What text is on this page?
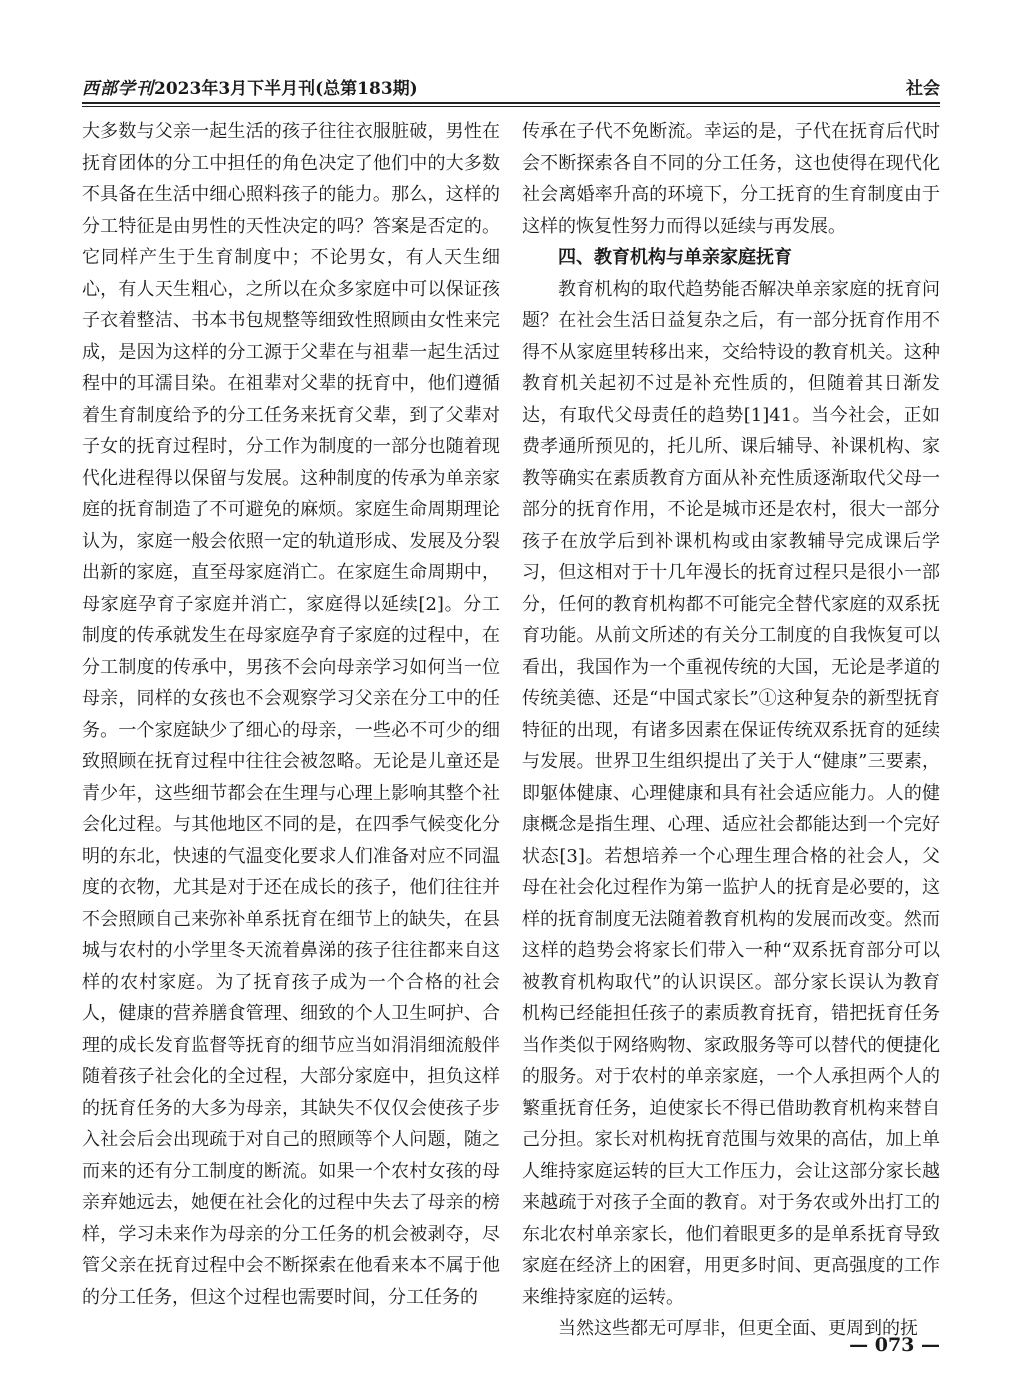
西部学刊2023年3月下半月刊(总第183期)	社会

大多数与父亲一起生活的孩子往往衣服脏破，男性在抚育团体的分工中担任的角色决定了他们中的大多数不具备在生活中细心照料孩子的能力。那么，这样的分工特征是由男性的天性决定的吗？答案是否定的。它同样产生于生育制度中；不论男女，有人天生细心，有人天生粗心，之所以在众多家庭中可以保证孩子衣着整洁、书本书包规整等细致性照顾由女性来完成，是因为这样的分工源于父辈在与祖辈一起生活过程中的耳濡目染。在祖辈对父辈的抚育中，他们遵循着生育制度给予的分工任务来抚育父辈，到了父辈对子女的抚育过程时，分工作为制度的一部分也随着现代化进程得以保留与发展。这种制度的传承为单亲家庭的抚育制造了不可避免的麻烦。家庭生命周期理论认为，家庭一般会依照一定的轨道形成、发展及分裂出新的家庭，直至母家庭消亡。在家庭生命周期中，母家庭孕育子家庭并消亡，家庭得以延续[2]。分工制度的传承就发生在母家庭孕育子家庭的过程中，在分工制度的传承中，男孩不会向母亲学习如何当一位母亲，同样的女孩也不会观察学习父亲在分工中的任务。一个家庭缺少了细心的母亲，一些必不可少的细致照顾在抚育过程中往往会被忽略。无论是儿童还是青少年，这些细节都会在生理与心理上影响其整个社会化过程。与其他地区不同的是，在四季气候变化分明的东北，快速的气温变化要求人们准备对应不同温度的衣物，尤其是对于还在成长的孩子，他们往往并不会照顾自己来弥补单系抚育在细节上的缺失，在县城与农村的小学里冬天流着鼻涕的孩子往往都来自这样的农村家庭。为了抚育孩子成为一个合格的社会人，健康的营养膳食管理、细致的个人卫生呵护、合理的成长发育监督等抚育的细节应当如涓涓细流般伴随着孩子社会化的全过程，大部分家庭中，担负这样的抚育任务的大多为母亲，其缺失不仅仅会使孩子步入社会后会出现疏于对自己的照顾等个人问题，随之而来的还有分工制度的断流。如果一个农村女孩的母亲弃她远去，她便在社会化的过程中失去了母亲的榜样，学习未来作为母亲的分工任务的机会被剥夺，尽管父亲在抚育过程中会不断探索在他看来本不属于他的分工任务，但这个过程也需要时间，分工任务的

传承在子代不免断流。幸运的是，子代在抚育后代时会不断探索各自不同的分工任务，这也使得在现代化社会离婚率升高的环境下，分工抚育的生育制度由于这样的恢复性努力而得以延续与再发展。

四、教育机构与单亲家庭抚育

教育机构的取代趋势能否解决单亲家庭的抚育问题？在社会生活日益复杂之后，有一部分抚育作用不得不从家庭里转移出来，交给特设的教育机关。这种教育机关起初不过是补充性质的，但随着其日渐发达，有取代父母责任的趋势[1]41。当今社会，正如费孝通所预见的，托儿所、课后辅导、补课机构、家教等确实在素质教育方面从补充性质逐渐取代父母一部分的抚育作用，不论是城市还是农村，很大一部分孩子在放学后到补课机构或由家教辅导完成课后学习，但这相对于十几年漫长的抚育过程只是很小一部分，任何的教育机构都不可能完全替代家庭的双系抚育功能。从前文所述的有关分工制度的自我恢复可以看出，我国作为一个重视传统的大国，无论是孝道的传统美德、还是“中国式家长”①这种复杂的新型抚育特征的出现，有诸多因素在保证传统双系抚育的延续与发展。世界卫生组织提出了关于人“健康”三要素，即躯体健康、心理健康和具有社会适应能力。人的健康概念是指生理、心理、适应社会都能达到一个完好状态[3]。若想培养一个心理生理合格的社会人，父母在社会化过程作为第一监护人的抚育是必要的，这样的抚育制度无法随着教育机构的发展而改变。然而这样的趋势会将家长们带入一种“双系抚育部分可以被教育机构取代”的认识误区。部分家长误认为教育机构已经能担任孩子的素质教育抚育，错把抚育任务当作类似于网络购物、家政服务等可以替代的便捷化的服务。对于农村的单亲家庭，一个人承担两个人的繁重抚育任务，迫使家长不得已借助教育机构来替自己分担。家长对机构抚育范围与效果的高估，加上单人维持家庭运转的巨大工作压力，会让这部分家长越来越疏于对孩子全面的教育。对于务农或外出打工的东北农村单亲家长，他们着眼更多的是单系抚育导致家庭在经济上的困窘，用更多时间、更高强度的工作来维持家庭的运转。

当然这些都无可厚非，但更全面、更周到的抚

— 073 —
